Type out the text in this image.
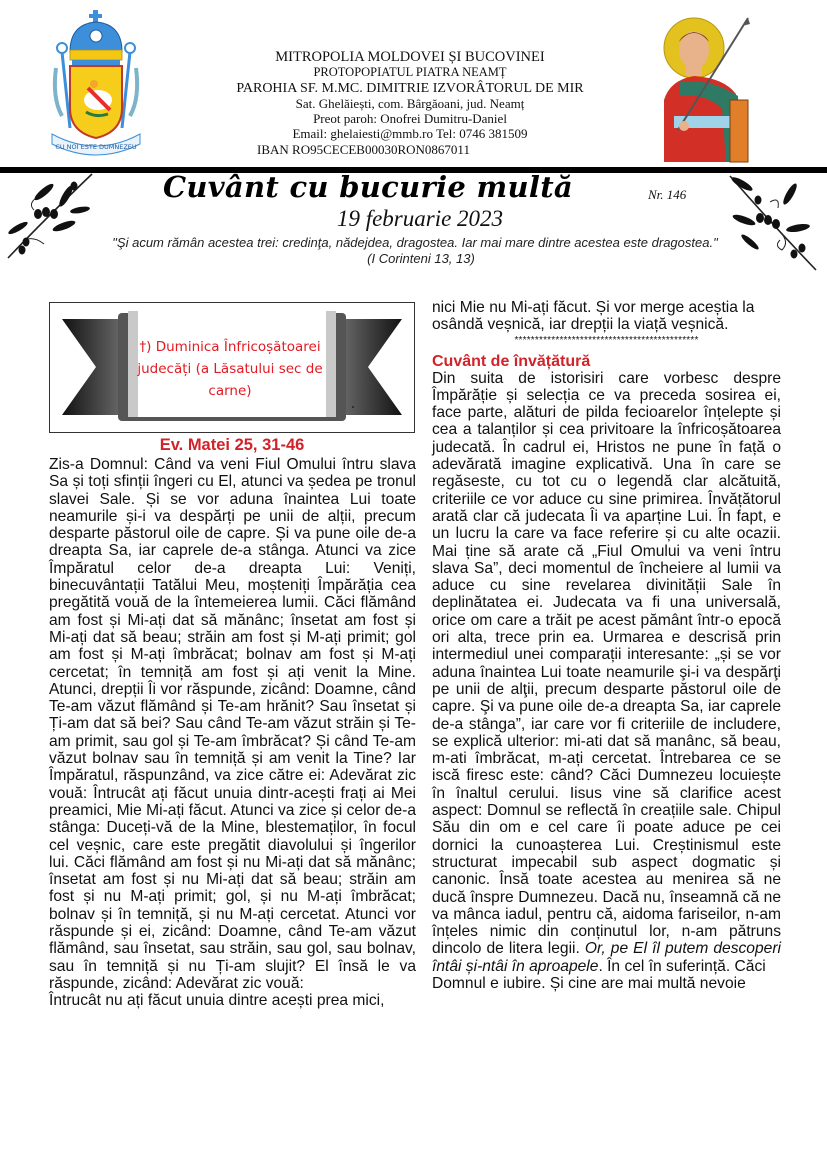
CU NOI ESTE DUMNEZEU
MITROPOLIA MOLDOVEI ȘI BUCOVINEI
PROTOPOPIATUL PIATRA NEAMȚ
PAROHIA SF. M.MC. DIMITRIE IZVORÂTORUL DE MIR
Sat. Ghelăiești, com. Bârgăoani, jud. Neamț
Preot paroh: Onofrei Dumitru-Daniel
Email: ghelaiesti@mmb.ro Tel: 0746 381509
IBAN RO95CECEB00030RON0867011
Cuvânt cu bucurie multă	Nr. 146
19 februarie 2023
"Şi acum rămân acestea trei: credinţa, nădejdea, dragostea. Iar mai mare dintre acestea este dragostea."(I Corinteni 13, 13)
†) Duminica Înfricoșătoarei judecăți (a Lăsatului sec de carne)
Ev. Matei 25, 31-46

Zis-a Domnul: Când va veni Fiul Omului întru slava Sa și toți sfinții îngeri cu El, atunci va ședea pe tronul slavei Sale. Și se vor aduna înaintea Lui toate neamurile și-i va despărți pe unii de alții, precum desparte păstorul oile de capre. Și va pune oile de-a dreapta Sa, iar caprele de-a stânga. Atunci va zice Împăratul celor de-a dreapta Lui: Veniți, binecuvântații Tatălui Meu, moșteniți Împărăția cea pregătită vouă de la întemeierea lumii. Căci flămând am fost și Mi-ați dat să mănânc; însetat am fost și Mi-ați dat să beau; străin am fost și M-ați primit; gol am fost și M-ați îmbrăcat; bolnav am fost și M-ați cercetat; în temniță am fost și ați venit la Mine. Atunci, drepții Îi vor răspunde, zicând: Doamne, când Te-am văzut flămând și Te-am hrănit? Sau însetat și Ți-am dat să bei? Sau când Te-am văzut străin și Te-am primit, sau gol și Te-am îmbrăcat? Și când Te-am văzut bolnav sau în temniță și am venit la Tine? Iar Împăratul, răspunzând, va zice către ei: Adevărat zic vouă: Întrucât ați făcut unuia dintr-acești frați ai Mei preamici, Mie Mi-ați făcut. Atunci va zice și celor de-a stânga: Duceți-vă de la Mine, blestemaților, în focul cel veșnic, care este pregătit diavolului și îngerilor lui. Căci flămând am fost și nu Mi-ați dat să mănânc; însetat am fost și nu Mi-ați dat să beau; străin am fost și nu M-ați primit; gol, și nu M-ați îmbrăcat; bolnav și în temniță, și nu M-ați cercetat. Atunci vor răspunde și ei, zicând: Doamne, când Te-am văzut flămând, sau însetat, sau străin, sau gol, sau bolnav, sau în temniță și nu Ți-am slujit? El însă le va răspunde, zicând: Adevărat zic vouă:

Întrucât nu ați făcut unuia dintre acești prea mici,

nici Mie nu Mi-ați făcut. Și vor merge aceștia la osândă veșnică, iar drepții la viață veșnică.

*********************************************

Cuvânt de învățătură

Din suita de istorisiri care vorbesc despre Împărăție și selecția ce va preceda sosirea ei, face parte, alături de pilda fecioarelor înțelepte și cea a talanților și cea privitoare la înfricoșătoarea judecată. În cadrul ei, Hristos ne pune în față o adevărată imagine explicativă. Una în care se regăseste, cu tot cu o legendă clar alcătuită, criteriile ce vor aduce cu sine primirea. Învățătorul arată clar că judecata Îi va aparține Lui. În fapt, e un lucru la care va face referire și cu alte ocazii. Mai ține să arate că „Fiul Omului va veni întru slava Sa”, deci momentul de încheiere al lumii va aduce cu sine revelarea divinității Sale în deplinătatea ei. Judecata va fi una universală, orice om care a trăit pe acest pământ într-o epocă ori alta, trece prin ea. Urmarea e descrisă prin intermediul unei comparații interesante: „și se vor aduna înaintea Lui toate neamurile şi-i va despărţi pe unii de alţii, precum desparte păstorul oile de capre. Şi va pune oile de-a dreapta Sa, iar caprele de-a stânga”, iar care vor fi criteriile de includere, se explică ulterior: mi-ati dat să manânc, să beau, m-ati îmbrăcat, m-ați cercetat. Întrebarea ce se iscă firesc este: când? Căci Dumnezeu locuiește în înaltul cerului. Iisus vine să clarifice acest aspect: Domnul se reflectă în creațiile sale. Chipul Său din om e cel care îi poate aduce pe cei dornici la cunoașterea Lui. Creștinismul este structurat impecabil sub aspect dogmatic și canonic. Însă toate acestea au menirea să ne ducă înspre Dumnezeu. Dacă nu, înseamnă că ne va mânca iadul, pentru că, aidoma fariseilor, n-am înțeles nimic din conținutul lor, n-am pătruns dincolo de litera legii. Or, pe El îl putem descoperi întâi și-ntâi în aproapele. În cel în suferință. Căci

Domnul e iubire. Și cine are mai multă nevoie
